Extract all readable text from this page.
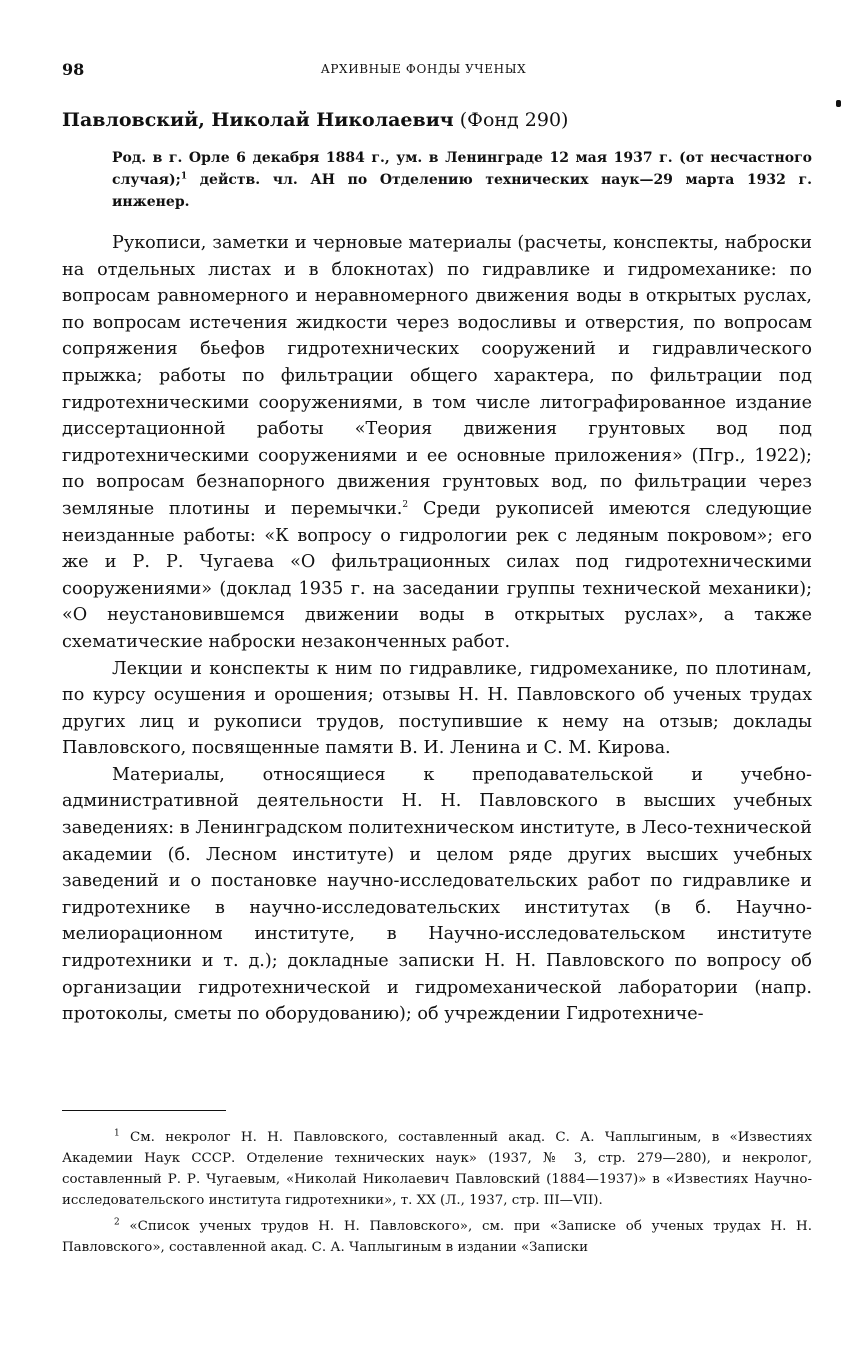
98	АРХИВНЫЕ ФОНДЫ УЧЕНЫХ
Павловский, Николай Николаевич (Фонд 290)
Род. в г. Орле 6 декабря 1884 г., ум. в Ленинграде 12 мая 1937 г. (от несчастного случая);$^1$ действ. чл. АН по Отделению технических наук—29 марта 1932 г. инженер.

Рукописи, заметки и черновые материалы (расчеты, конспекты, наброски на отдельных листах и в блокнотах) по гидравлике и гидромеханике: по вопросам равномерного и неравномерного движения воды в открытых руслах, по вопросам истечения жидкости через водосливы и отверстия, по вопросам сопряжения бьефов гидротехнических сооружений и гидравлического прыжка; работы по фильтрации общего характера, по фильтрации под гидротехническими сооружениями, в том числе литографированное издание диссертационной работы «Теория движения грунтовых вод под гидротехническими сооружениями и ее основные приложения» (Пгр., 1922); по вопросам безнапорного движения грунтовых вод, по фильтрации через земляные плотины и перемычки.$^2$ Среди рукописей имеются следующие неизданные работы: «К вопросу о гидрологии рек с ледяным покровом»; его же и Р. Р. Чугаева «О фильтрационных силах под гидротехническими сооружениями» (доклад 1935 г. на заседании группы технической механики); «О неустановившемся движении воды в открытых руслах», а также схематические наброски незаконченных работ.

Лекции и конспекты к ним по гидравлике, гидромеханике, по плотинам, по курсу осушения и орошения; отзывы Н. Н. Павловского об ученых трудах других лиц и рукописи трудов, поступившие к нему на отзыв; доклады Павловского, посвященные памяти В. И. Ленина и С. М. Кирова.

Материалы, относящиеся к преподавательской и учебно-административной деятельности Н. Н. Павловского в высших учебных заведениях: в Ленинградском политехническом институте, в Лесо-технической академии (б. Лесном институте) и целом ряде других высших учебных заведений и о постановке научно-исследовательских работ по гидравлике и гидротехнике в научно-исследовательских институтах (в б. Научно-мелиорационном институте, в Научно-исследовательском институте гидротехники и т. д.); докладные записки Н. Н. Павловского по вопросу об организации гидротехнической и гидромеханической лаборатории (напр. протоколы, сметы по оборудованию); об учреждении Гидротехниче-

$^1$ См. некролог Н. Н. Павловского, составленный акад. С. А. Чаплыгиным, в «Известиях Академии Наук СССР. Отделение технических наук» (1937, № 3, стр. 279—280), и некролог, составленный Р. Р. Чугаевым, «Николай Николаевич Павловский (1884—1937)» в «Известиях Научно-исследовательского института гидротехники», т. XX (Л., 1937, стр. III—VII).

$^2$ «Список ученых трудов Н. Н. Павловского», см. при «Записке об ученых трудах Н. Н. Павловского», составленной акад. С. А. Чаплыгиным в издании «Записки
